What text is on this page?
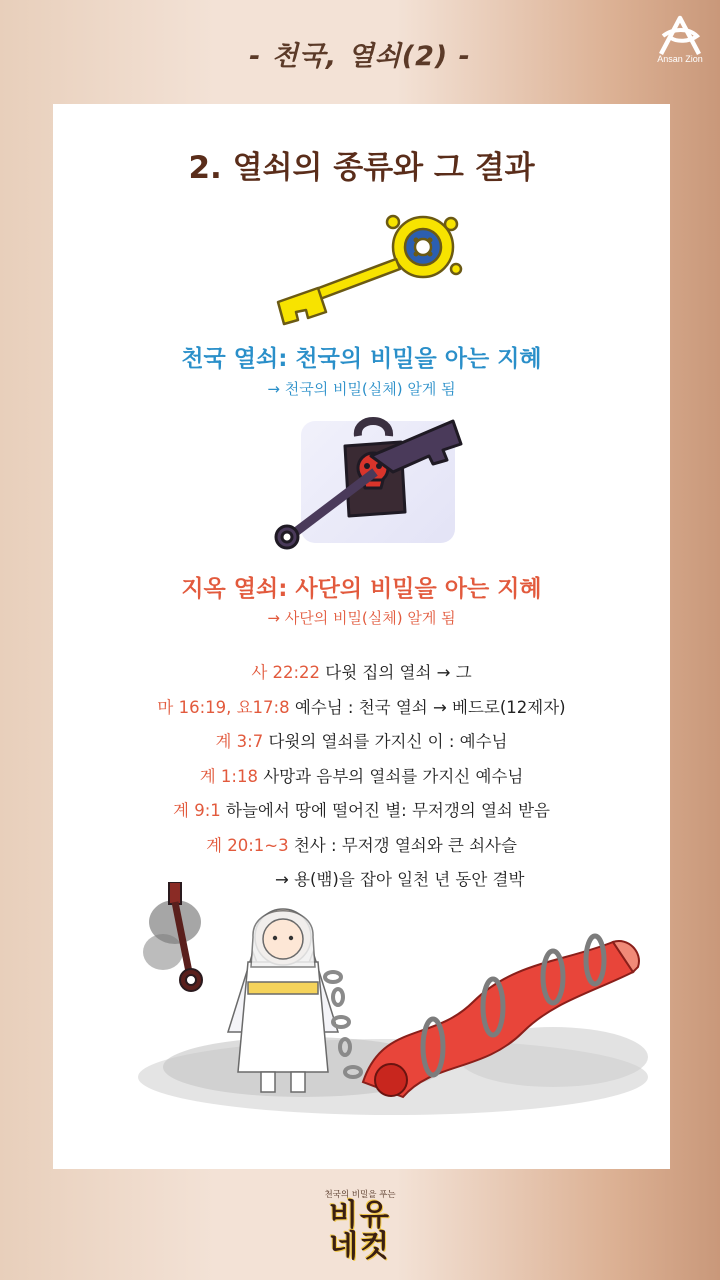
- 천국, 열쇠(2) -	Ansan Zion
2. 열쇠의 종류와 그 결과
천국 열쇠: 천국의 비밀을 아는 지혜
→ 천국의 비밀(실체) 알게 됨
지옥 열쇠: 사단의 비밀을 아는 지혜
→ 사단의 비밀(실체) 알게 됨
사 22:22 다윗 집의 열쇠 → 그
마 16:19, 요17:8 예수님 : 천국 열쇠 → 베드로(12제자)
계 3:7 다윗의 열쇠를 가지신 이 : 예수님
계 1:18 사망과 음부의 열쇠를 가지신 예수님
계 9:1 하늘에서 땅에 떨어진 별: 무저갱의 열쇠 받음
계 20:1~3 천사 : 무저갱 열쇠와 큰 쇠사슬
→ 용(뱀)을 잡아 일천 년 동안 결박
천국의 비밀을 푸는
비유
네컷
